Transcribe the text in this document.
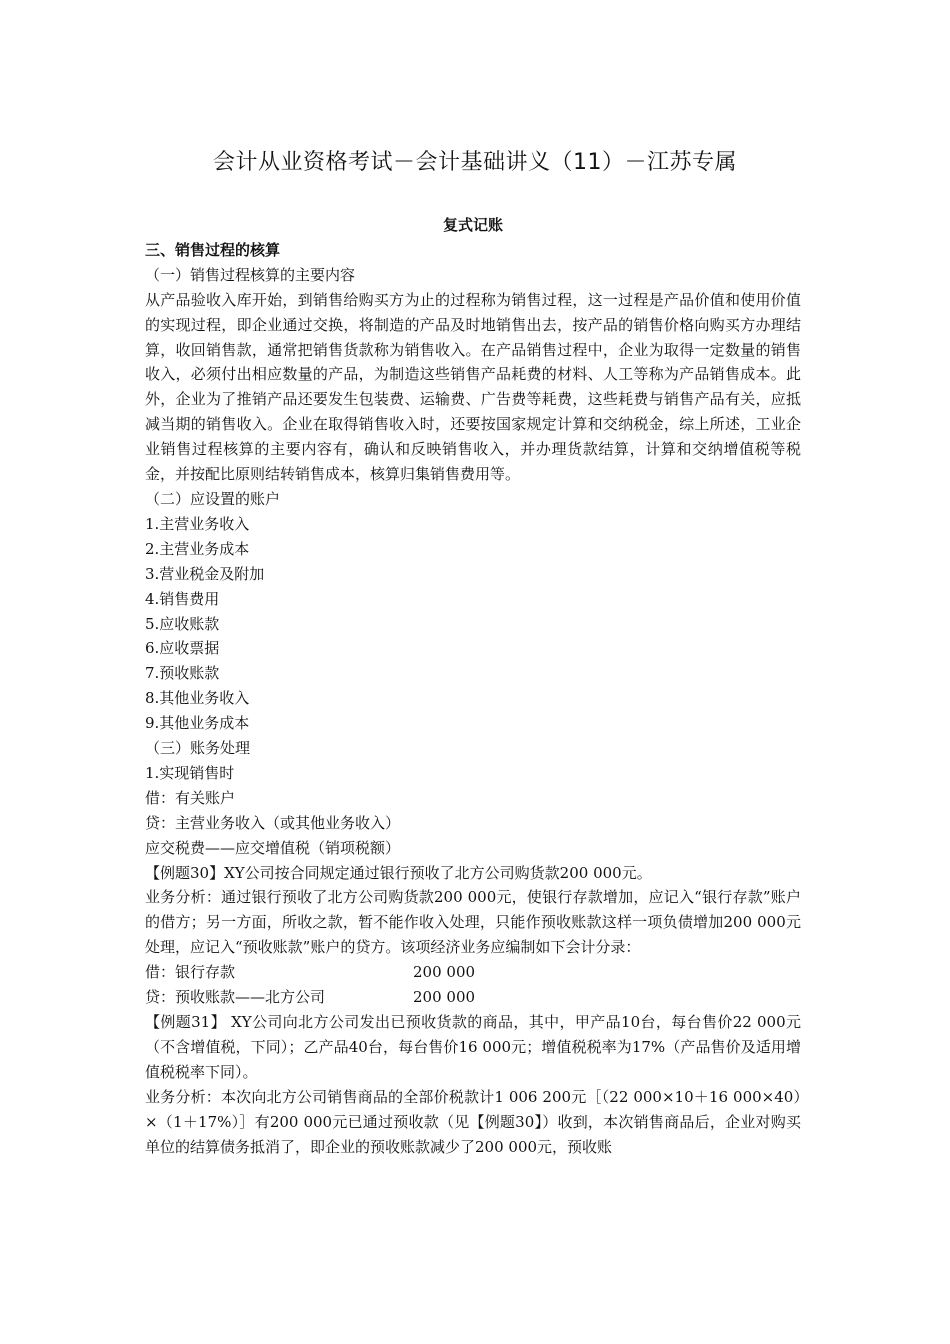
会计从业资格考试－会计基础讲义（11）－江苏专属

复式记账

三、销售过程的核算

（一）销售过程核算的主要内容

从产品验收入库开始，到销售给购买方为止的过程称为销售过程，这一过程是产品价值和使用价值的实现过程，即企业通过交换，将制造的产品及时地销售出去，按产品的销售价格向购买方办理结算，收回销售款，通常把销售货款称为销售收入。在产品销售过程中，企业为取得一定数量的销售收入，必须付出相应数量的产品，为制造这些销售产品耗费的材料、人工等称为产品销售成本。此外，企业为了推销产品还要发生包装费、运输费、广告费等耗费，这些耗费与销售产品有关，应抵减当期的销售收入。企业在取得销售收入时，还要按国家规定计算和交纳税金，综上所述，工业企业销售过程核算的主要内容有，确认和反映销售收入，并办理货款结算，计算和交纳增值税等税金，并按配比原则结转销售成本，核算归集销售费用等。

（二）应设置的账户

1.主营业务收入

2.主营业务成本

3.营业税金及附加

4.销售费用

5.应收账款

6.应收票据

7.预收账款

8.其他业务收入

9.其他业务成本

（三）账务处理

1.实现销售时

借：有关账户

贷：主营业务收入（或其他业务收入）

应交税费——应交增值税（销项税额）

【例题30】XY公司按合同规定通过银行预收了北方公司购货款200 000元。

业务分析：通过银行预收了北方公司购货款200 000元，使银行存款增加，应记入“银行存款”账户的借方；另一方面，所收之款，暂不能作收入处理，只能作预收账款这样一项负债增加200 000元处理，应记入“预收账款”账户的贷方。该项经济业务应编制如下会计分录：

借：银行存款	200 000
贷：预收账款——北方公司	200 000

【例题31】 XY公司向北方公司发出已预收货款的商品，其中，甲产品10台，每台售价22 000元（不含增值税，下同）；乙产品40台，每台售价16 000元；增值税税率为17%（产品售价及适用增值税税率下同）。

业务分析：本次向北方公司销售商品的全部价税款计1 006 200元［（22 000×10＋16 000×40）×（1＋17%）］有200 000元已通过预收款（见【例题30】）收到，本次销售商品后，企业对购买单位的结算债务抵消了，即企业的预收账款减少了200 000元，预收账
